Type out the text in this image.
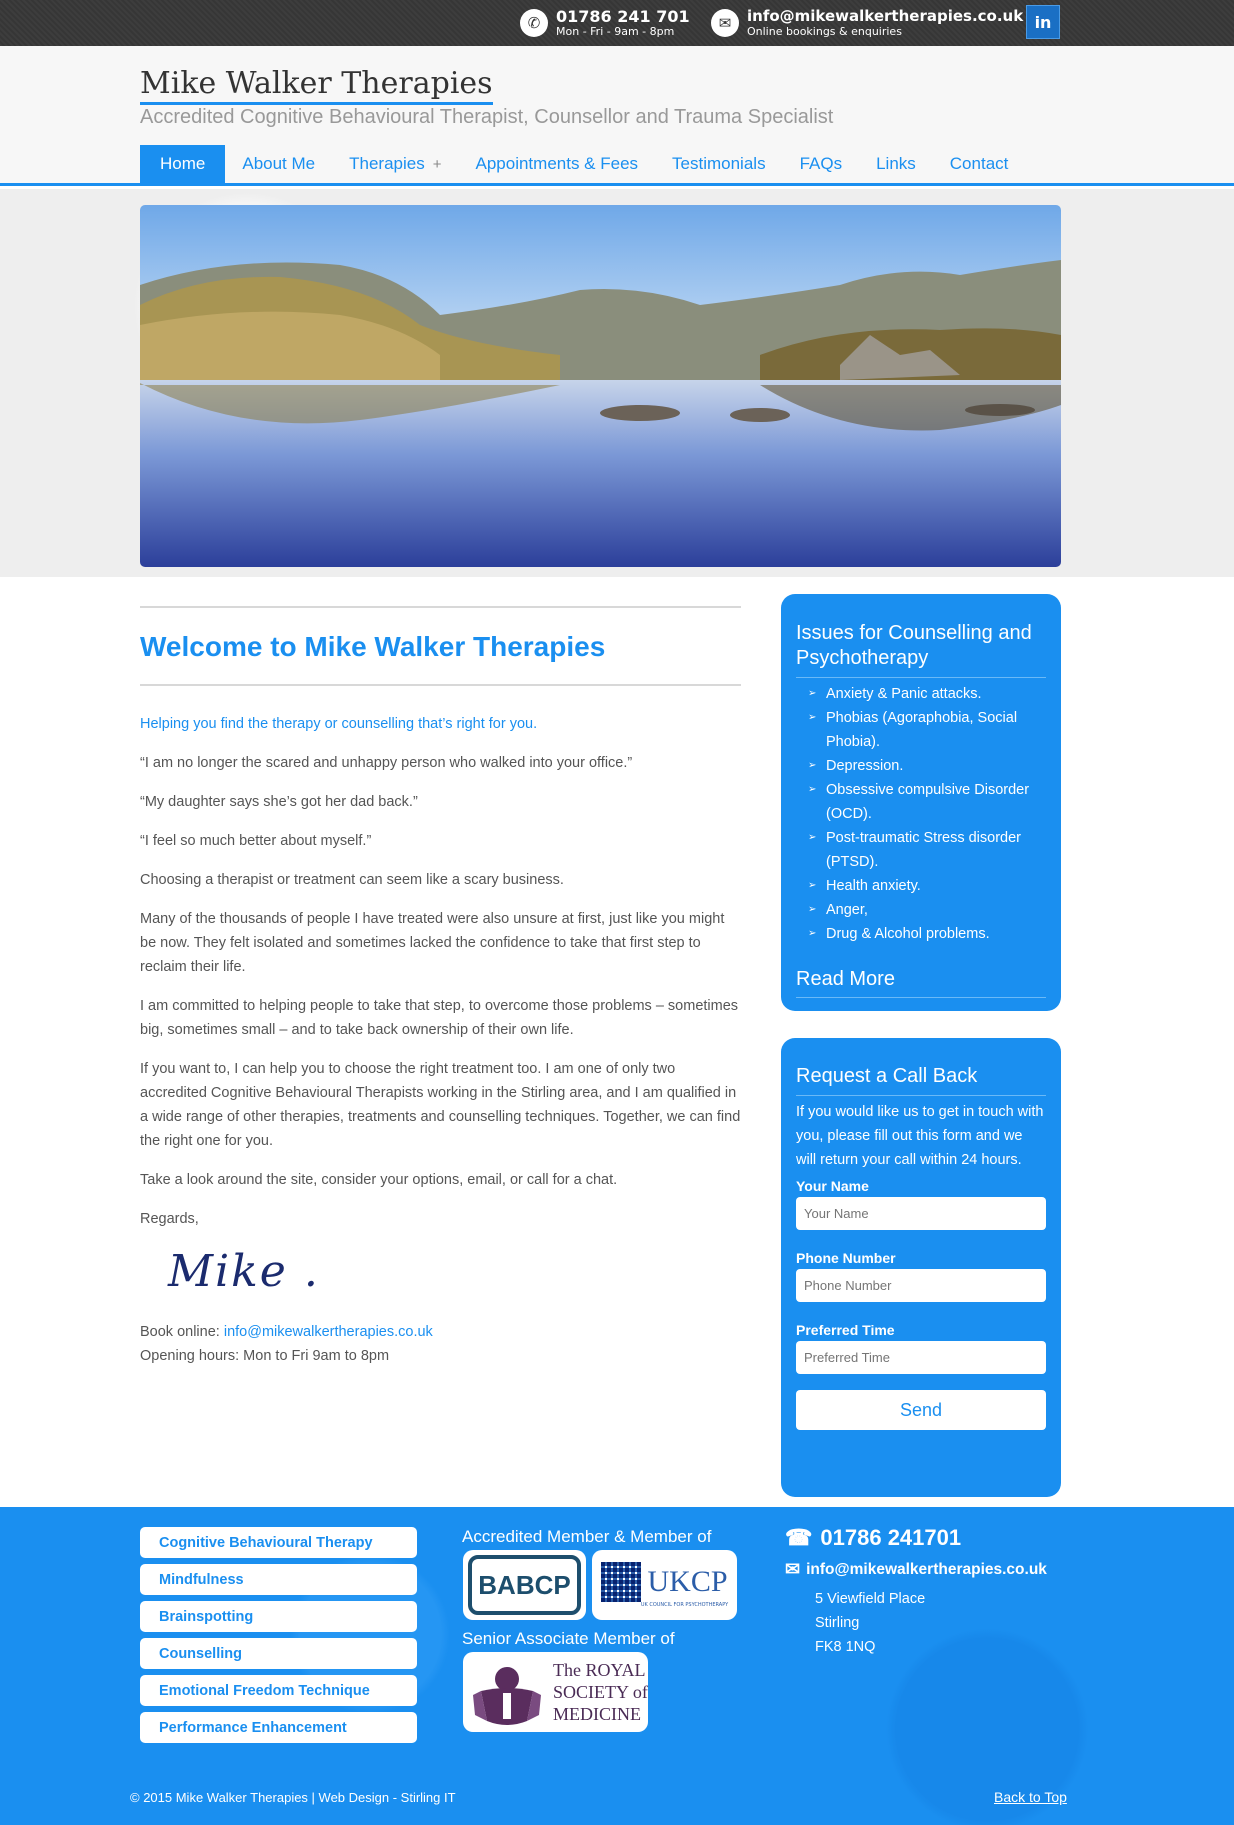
✆ 01786 241 701
Mon - Fri - 9am - 8pm	✉	info@mikewalkertherapies.co.uk
Online bookings & enquiries	in
Mike Walker Therapies
Accredited Cognitive Behavioural Therapist, Counsellor and Trauma Specialist
Home	About Me	Therapies +	Appointments & Fees	Testimonials	FAQs	Links	Contact
Welcome to Mike Walker Therapies

Helping you find the therapy or counselling that’s right for you.

“I am no longer the scared and unhappy person who walked into your office.”

“My daughter says she’s got her dad back.”

“I feel so much better about myself.”

Choosing a therapist or treatment can seem like a scary business.

Many of the thousands of people I have treated were also unsure at first, just like you might be now. They felt isolated and sometimes lacked the confidence to take that first step to reclaim their life.

I am committed to helping people to take that step, to overcome those problems – sometimes big, sometimes small – and to take back ownership of their own life.

If you want to, I can help you to choose the right treatment too. I am one of only two accredited Cognitive Behavioural Therapists working in the Stirling area, and I am qualified in a wide range of other therapies, treatments and counselling techniques. Together, we can find the right one for you.

Take a look around the site, consider your options, email, or call for a chat.

Regards,

Mike .
Book online: info@mikewalkertherapies.co.uk
Opening hours: Mon to Fri 9am to 8pm
Issues for Counselling and Psychotherapy
➢ Anxiety & Panic attacks.
➢ Phobias (Agoraphobia, Social Phobia).
➢ Depression.
➢ Obsessive compulsive Disorder (OCD).
➢ Post-traumatic Stress disorder (PTSD).
➢ Health anxiety.
➢ Anger,
➢ Drug & Alcohol problems.
Read More
Request a Call Back
If you would like us to get in touch with you, please fill out this form and we will return your call within 24 hours.
Your Name
Your Name
Phone Number
Phone Number
Preferred Time
Preferred Time Send
Cognitive Behavioural Therapy
Mindfulness
Brainspotting
Counselling
Emotional Freedom Technique
Performance Enhancement
Accredited Member & Member of
BABCP	UKCP
UK COUNCIL FOR PSYCHOTHERAPY
Senior Associate Member of
The ROYAL
SOCIETY of
MEDICINE
☎ 01786 241701
✉ info@mikewalkertherapies.co.uk
5 Viewfield Place
Stirling
FK8 1NQ
© 2015 Mike Walker Therapies | Web Design - Stirling IT	Back to Top
